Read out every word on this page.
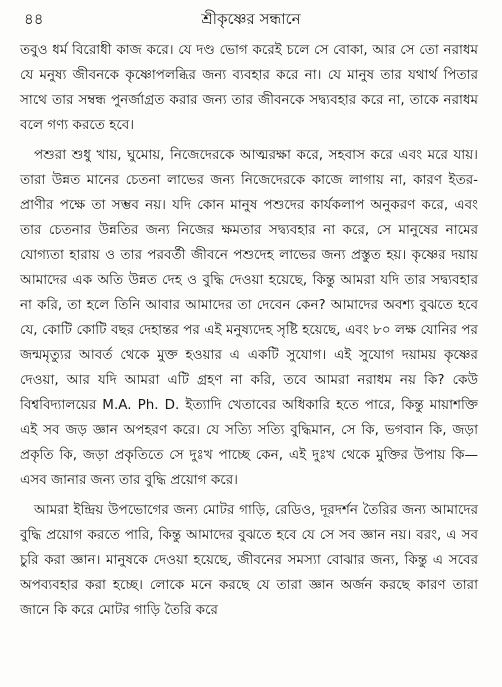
৪৪	শ্রীকৃষ্ণের সন্ধানে

তবুও ধর্ম বিরোধী কাজ করে। যে দণ্ড ভোগ করেই চলে সে বোকা, আর সে তো নরাধম যে মনুষ্য জীবনকে কৃষ্ণোপলব্ধির জন্য ব্যবহার করে না। যে মানুষ তার যথার্থ পিতার সাথে তার সম্বন্ধ পুনর্জাগ্রত করার জন্য তার জীবনকে সদ্ব্যবহার করে না, তাকে নরাধম বলে গণ্য করতে হবে।

পশুরা শুধু খায়, ঘুমোয়, নিজেদেরকে আত্মরক্ষা করে, সহবাস করে এবং মরে যায়। তারা উন্নত মানের চেতনা লাভের জন্য নিজেদেরকে কাজে লাগায় না, কারণ ইতর-প্রাণীর পক্ষে তা সম্ভব নয়। যদি কোন মানুষ পশুদের কার্যকলাপ অনুকরণ করে, এবং তার চেতনার উন্নতির জন্য নিজের ক্ষমতার সদ্ব্যবহার না করে, সে মানুষের নামের যোগ্যতা হারায় ও তার পরবর্তী জীবনে পশুদেহ লাভের জন্য প্রস্তুত হয়। কৃষ্ণের দয়ায় আমাদের এক অতি উন্নত দেহ ও বুদ্ধি দেওয়া হয়েছে, কিন্তু আমরা যদি তার সদ্ব্যবহার না করি, তা হলে তিনি আবার আমাদের তা দেবেন কেন? আমাদের অবশ্য বুঝতে হবে যে, কোটি কোটি বছর দেহান্তর পর এই মনুষ্যদেহ সৃষ্টি হয়েছে, এবং ৮০ লক্ষ যোনির পর জন্মমৃত্যুর আবর্ত থেকে মুক্ত হওয়ার এ একটি সুযোগ। এই সুযোগ দয়াময় কৃষ্ণের দেওয়া, আর যদি আমরা এটি গ্রহণ না করি, তবে আমরা নরাধম নয় কি? কেউ বিশ্ববিদ্যালয়ের M.A. Ph. D. ইত্যাদি খেতাবের অধিকারি হতে পারে, কিন্তু মায়াশক্তি এই সব জড় জ্ঞান অপহরণ করে। যে সত্যি সত্যি বুদ্ধিমান, সে কি, ভগবান কি, জড়া প্রকৃতি কি, জড়া প্রকৃতিতে সে দুঃখ পাচ্ছে কেন, এই দুঃখ থেকে মুক্তির উপায় কি— এসব জানার জন্য তার বুদ্ধি প্রয়োগ করে।

আমরা ইন্দ্রিয় উপভোগের জন্য মোটর গাড়ি, রেডিও, দূরদর্শন তৈরির জন্য আমাদের বুদ্ধি প্রয়োগ করতে পারি, কিন্তু আমাদের বুঝতে হবে যে সে সব জ্ঞান নয়। বরং, এ সব চুরি করা জ্ঞান। মানুষকে দেওয়া হয়েছে, জীবনের সমস্যা বোঝার জন্য, কিন্তু এ সবের অপব্যবহার করা হচ্ছে। লোকে মনে করছে যে তারা জ্ঞান অর্জন করছে কারণ তারা জানে কি করে মোটর গাড়ি তৈরি করে
